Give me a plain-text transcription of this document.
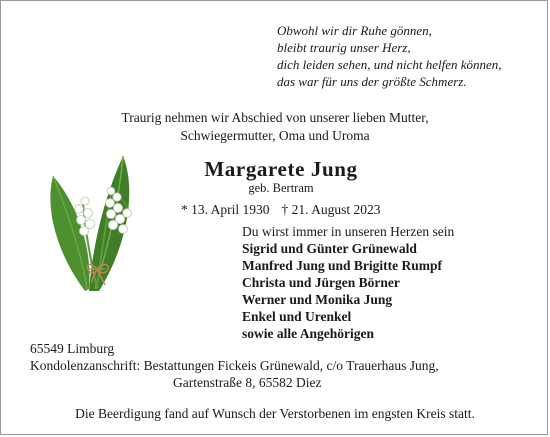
Obwohl wir dir Ruhe gönnen,
bleibt traurig unser Herz,
dich leiden sehen, und nicht helfen können,
das war für uns der größte Schmerz.
Traurig nehmen wir Abschied von unserer lieben Mutter,
Schwiegermutter, Oma und Uroma
Margarete Jung
geb. Bertram
* 13. April 1930 † 21. August 2023
Du wirst immer in unseren Herzen sein
Sigrid und Günter Grünewald
Manfred Jung und Brigitte Rumpf
Christa und Jürgen Börner
Werner und Monika Jung
Enkel und Urenkel
sowie alle Angehörigen
65549 Limburg
Kondolenzanschrift: Bestattungen Fickeis Grünewald, c/o Trauerhaus Jung,
Gartenstraße 8, 65582 Diez
Die Beerdigung fand auf Wunsch der Verstorbenen im engsten Kreis statt.
